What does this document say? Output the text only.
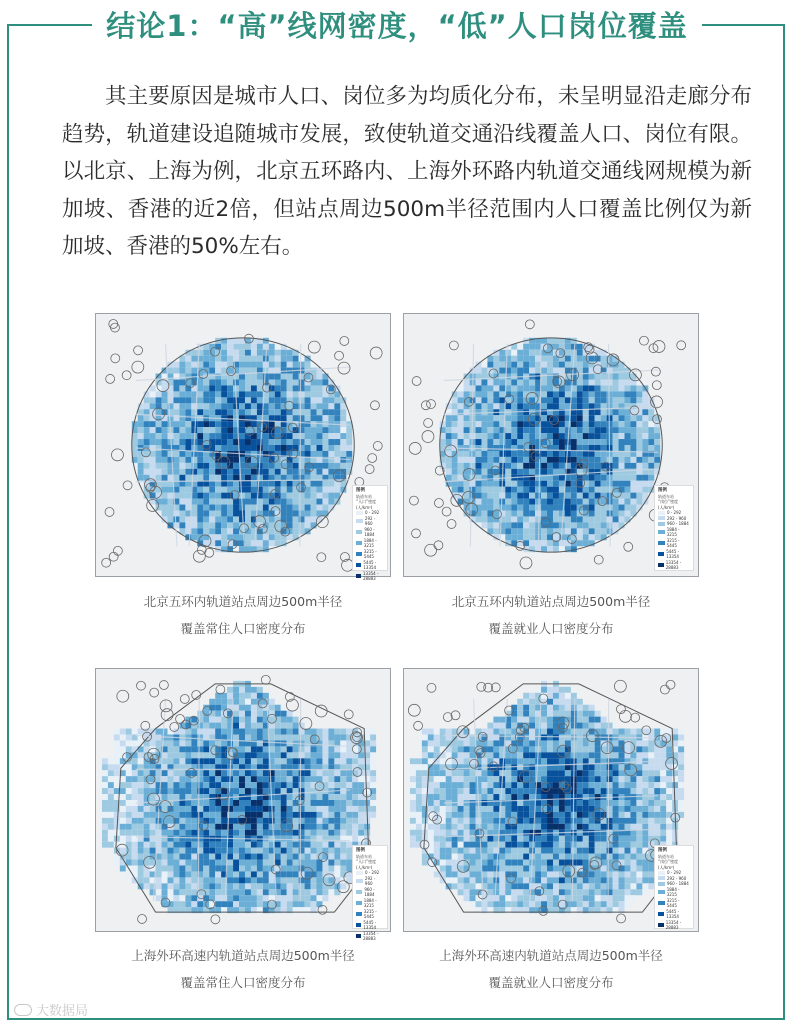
结论1：“高”线网密度，“低”人口岗位覆盖

其主要原因是城市人口、岗位多为均质化分布，未呈明显沿走廊分布趋势，轨道建设追随城市发展，致使轨道交通沿线覆盖人口、岗位有限。以北京、上海为例，北京五环路内、上海外环路内轨道交通线网规模为新加坡、香港的近2倍，但站点周边500m半径范围内人口覆盖比例仅为新加坡、香港的50%左右。

图例
轨道车站
“人口”密度
(人/km²)
0 - 292
292 - 960
960 - 1884
1884 - 3215
3215 - 5445
5445 - 13354
13354 - 28883
北京五环内轨道站点周边500m半径
覆盖常住人口密度分布
图例
轨道车站
“岗位”密度
(人/km²)
0 - 292
292 - 960
960 - 1884
1884 - 3215
3215 - 5445
5445 - 13354
13354 - 28883
北京五环内轨道站点周边500m半径
覆盖就业人口密度分布
图例
轨道车站
“人口”密度
(人/km²)
0 - 292
292 - 960
960 - 1884
1884 - 3215
3215 - 5445
5445 - 13354
13354 - 28883
上海外环高速内轨道站点周边500m半径
覆盖常住人口密度分布
图例
轨道车站
“岗位”密度
(人/km²)
0 - 292
292 - 960
960 - 1884
1884 - 3215
3215 - 5445
5445 - 13354
13354 - 28883
上海外环高速内轨道站点周边500m半径
覆盖就业人口密度分布
大数据局
